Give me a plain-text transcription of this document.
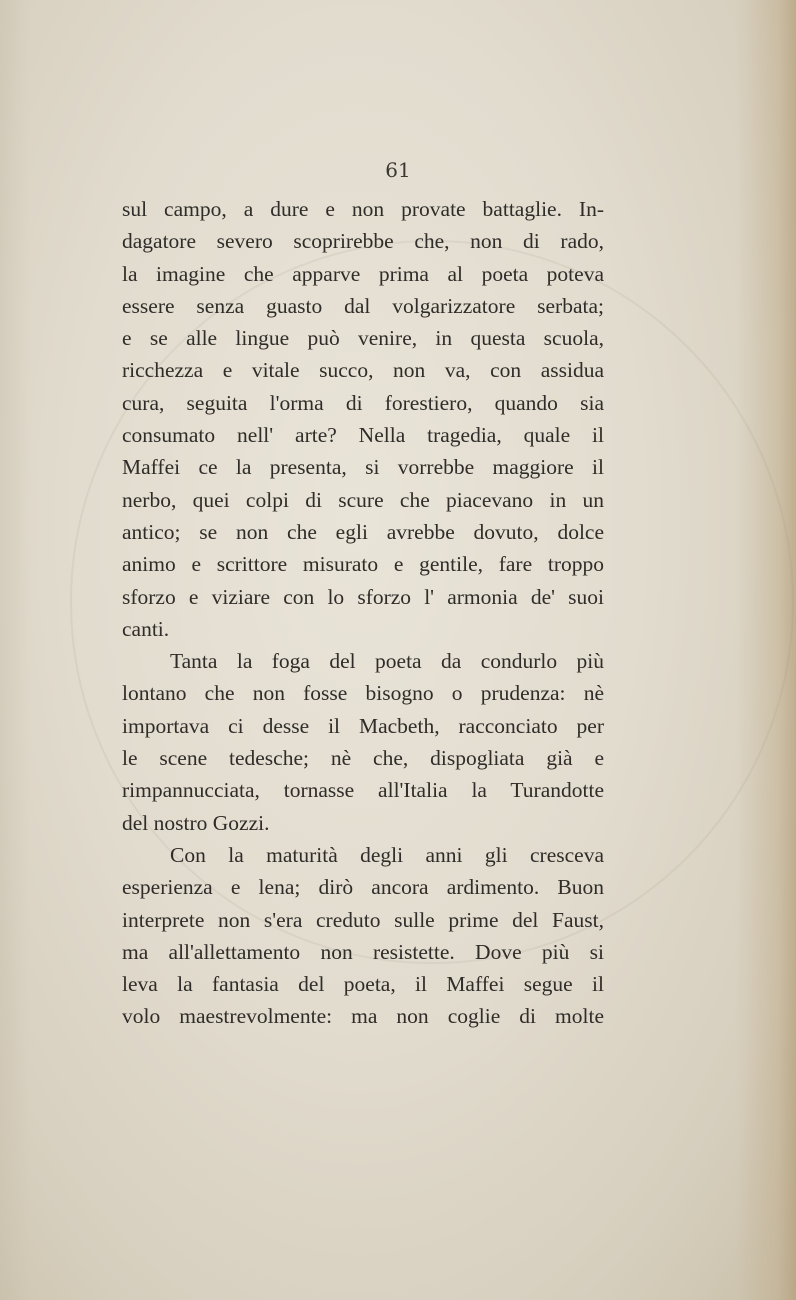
61

sul campo, a dure e non provate battaglie. In-
dagatore severo scoprirebbe che, non di rado,
la imagine che apparve prima al poeta poteva
essere senza guasto dal volgarizzatore serbata;
e se alle lingue può venire, in questa scuola,
ricchezza e vitale succo, non va, con assidua
cura, seguita l'orma di forestiero, quando sia
consumato nell' arte? Nella tragedia, quale il
Maffei ce la presenta, si vorrebbe maggiore il
nerbo, quei colpi di scure che piacevano in un
antico; se non che egli avrebbe dovuto, dolce
animo e scrittore misurato e gentile, fare troppo
sforzo e viziare con lo sforzo l' armonia de' suoi
canti.
Tanta la foga del poeta da condurlo più
lontano che non fosse bisogno o prudenza: nè
importava ci desse il Macbeth, racconciato per
le scene tedesche; nè che, dispogliata già e
rimpannucciata, tornasse all'Italia la Turandotte
del nostro Gozzi.
Con la maturità degli anni gli cresceva
esperienza e lena; dirò ancora ardimento. Buon
interprete non s'era creduto sulle prime del Faust,
ma all'allettamento non resistette. Dove più si
leva la fantasia del poeta, il Maffei segue il
volo maestrevolmente: ma non coglie di molte
